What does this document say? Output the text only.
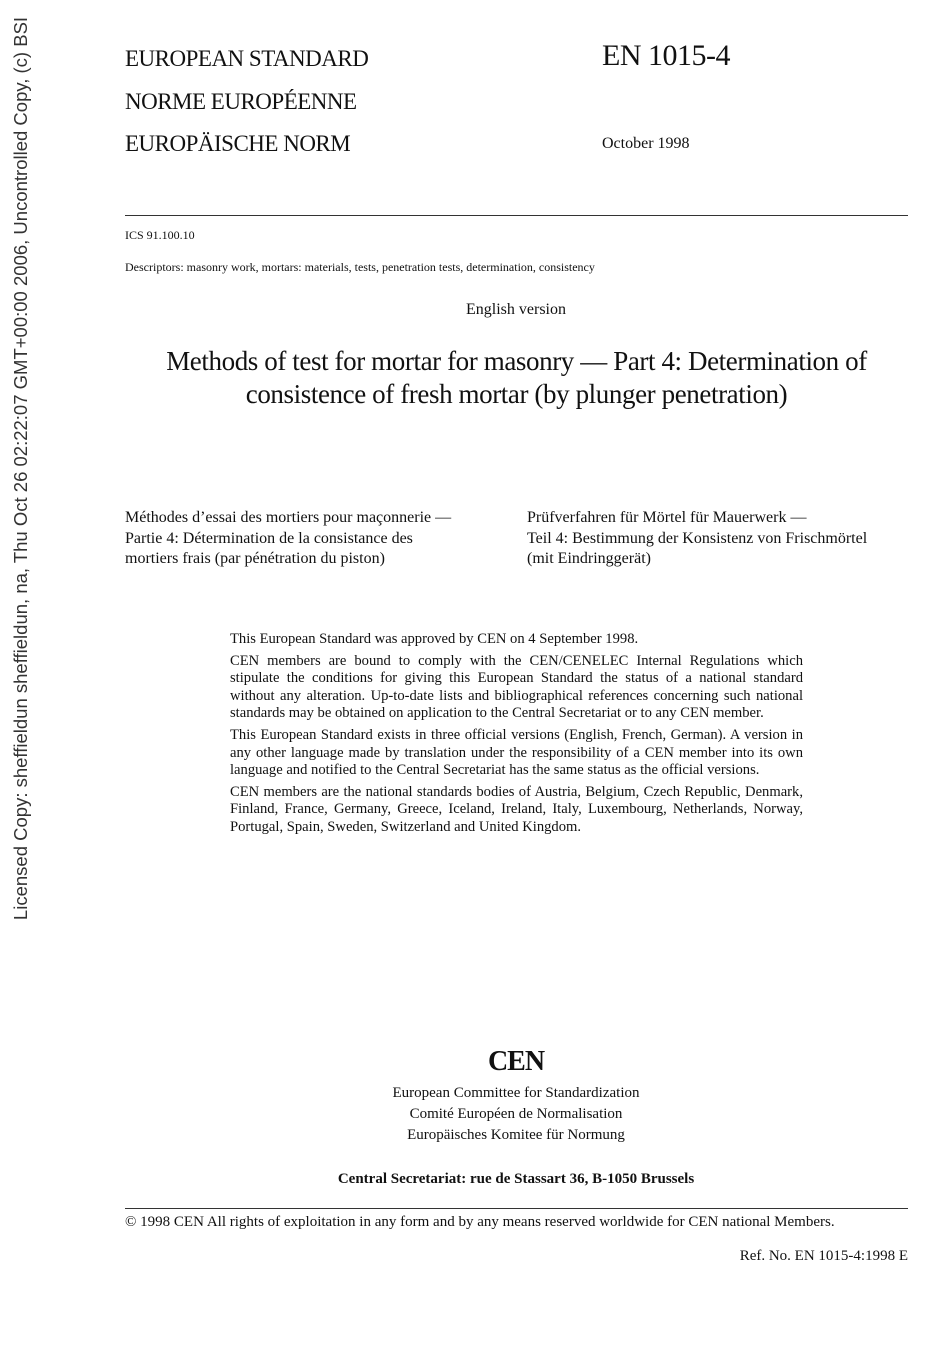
EUROPEAN STANDARD
NORME EUROPÉENNE
EUROPÄISCHE NORM
EN 1015-4
October 1998
ICS 91.100.10
Descriptors: masonry work, mortars: materials, tests, penetration tests, determination, consistency
English version
Methods of test for mortar for masonry — Part 4: Determination of consistence of fresh mortar (by plunger penetration)
Méthodes d’essai des mortiers pour maçonnerie —
Partie 4: Détermination de la consistance des
mortiers frais (par pénétration du piston)
Prüfverfahren für Mörtel für Mauerwerk —
Teil 4: Bestimmung der Konsistenz von Frischmörtel
(mit Eindringgerät)

This European Standard was approved by CEN on 4 September 1998.

CEN members are bound to comply with the CEN/CENELEC Internal Regulations which stipulate the conditions for giving this European Standard the status of a national standard without any alteration. Up-to-date lists and bibliographical references concerning such national standards may be obtained on application to the Central Secretariat or to any CEN member.

This European Standard exists in three official versions (English, French, German). A version in any other language made by translation under the responsibility of a CEN member into its own language and notified to the Central Secretariat has the same status as the official versions.

CEN members are the national standards bodies of Austria, Belgium, Czech Republic, Denmark, Finland, France, Germany, Greece, Iceland, Ireland, Italy, Luxembourg, Netherlands, Norway, Portugal, Spain, Sweden, Switzerland and United Kingdom.

CEN
European Committee for Standardization
Comité Européen de Normalisation
Europäisches Komitee für Normung
Central Secretariat: rue de Stassart 36, B-1050 Brussels
© 1998 CEN All rights of exploitation in any form and by any means reserved worldwide for CEN national Members.
Ref. No. EN 1015-4:1998 E
Licensed Copy: sheffieldun sheffieldun, na, Thu Oct 26 02:22:07 GMT+00:00 2006, Uncontrolled Copy, (c) BSI
